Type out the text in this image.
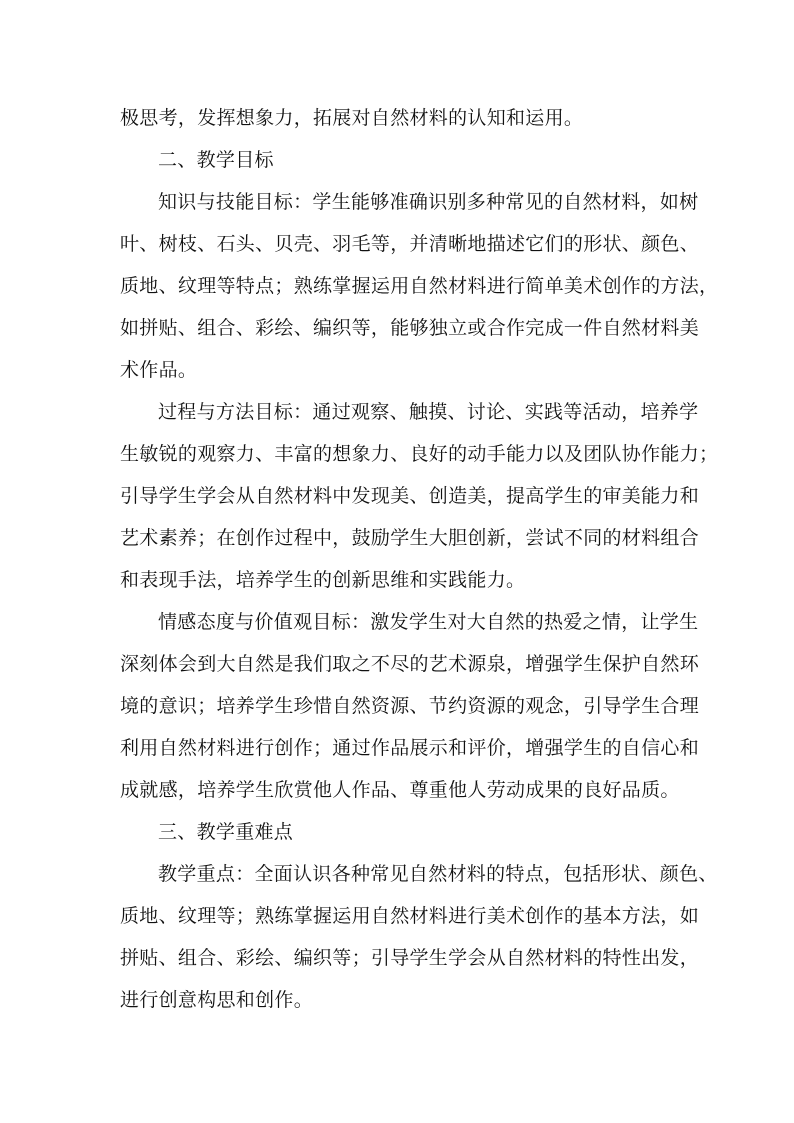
极思考，发挥想象力，拓展对自然材料的认知和运用。
二、教学目标
知识与技能目标：学生能够准确识别多种常见的自然材料，如树
叶、树枝、石头、贝壳、羽毛等，并清晰地描述它们的形状、颜色、
质地、纹理等特点；熟练掌握运用自然材料进行简单美术创作的方法，
如拼贴、组合、彩绘、编织等，能够独立或合作完成一件自然材料美
术作品。
过程与方法目标：通过观察、触摸、讨论、实践等活动，培养学
生敏锐的观察力、丰富的想象力、良好的动手能力以及团队协作能力；
引导学生学会从自然材料中发现美、创造美，提高学生的审美能力和
艺术素养；在创作过程中，鼓励学生大胆创新，尝试不同的材料组合
和表现手法，培养学生的创新思维和实践能力。
情感态度与价值观目标：激发学生对大自然的热爱之情，让学生
深刻体会到大自然是我们取之不尽的艺术源泉，增强学生保护自然环
境的意识；培养学生珍惜自然资源、节约资源的观念，引导学生合理
利用自然材料进行创作；通过作品展示和评价，增强学生的自信心和
成就感，培养学生欣赏他人作品、尊重他人劳动成果的良好品质。
三、教学重难点
教学重点：全面认识各种常见自然材料的特点，包括形状、颜色、
质地、纹理等；熟练掌握运用自然材料进行美术创作的基本方法，如
拼贴、组合、彩绘、编织等；引导学生学会从自然材料的特性出发，
进行创意构思和创作。
